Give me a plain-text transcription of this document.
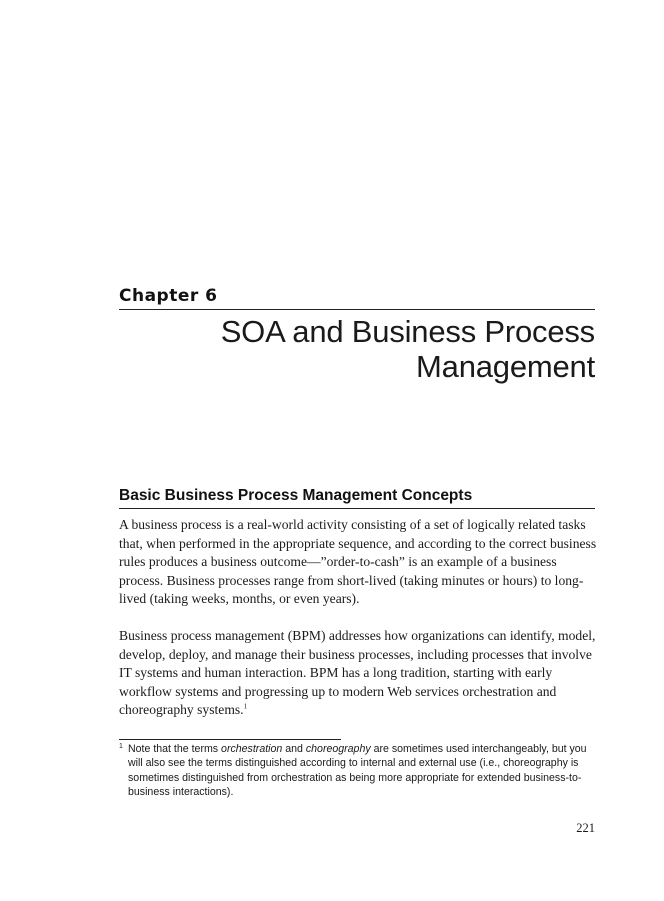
Chapter 6
SOA and Business Process
Management
Basic Business Process Management Concepts

A business process is a real-world activity consisting of a set of logically related tasks that, when performed in the appropriate sequence, and according to the correct business rules produces a business outcome—”order-to-cash” is an example of a business process. Business processes range from short-lived (taking minutes or hours) to long-lived (taking weeks, months, or even years).

Business process management (BPM) addresses how organizations can identify, model, develop, deploy, and manage their business processes, including processes that involve IT systems and human interaction. BPM has a long tradition, starting with early workflow systems and progressing up to modern Web services orchestration and choreography systems.$^1$

1 Note that the terms orchestration and choreography are sometimes used interchangeably, but you will also see the terms distinguished according to internal and external use (i.e., choreography is sometimes distinguished from orchestration as being more appropriate for extended business-to-business interactions).
221
